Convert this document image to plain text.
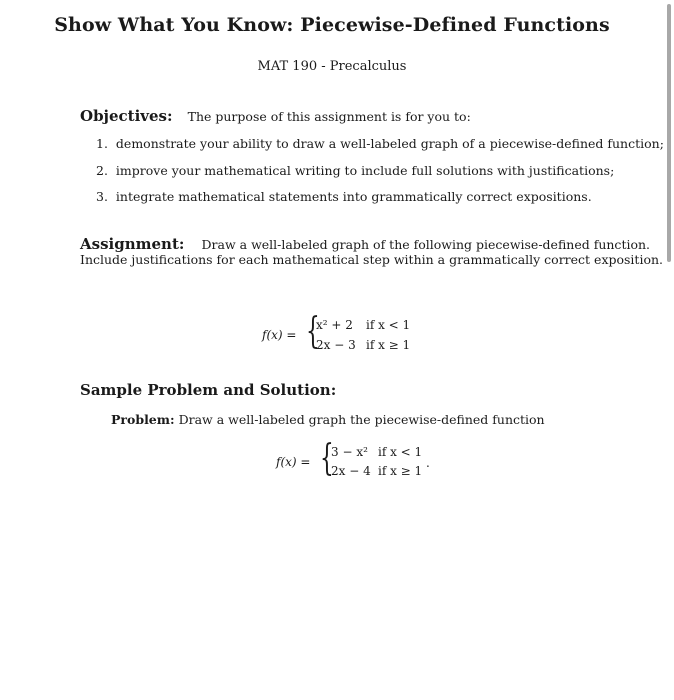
Show What You Know: Piecewise-Defined Functions
MAT 190 - Precalculus
Objectives: The purpose of this assignment is for you to:
1. demonstrate your ability to draw a well-labeled graph of a piecewise-defined function;
2. improve your mathematical writing to include full solutions with justifications;
3. integrate mathematical statements into grammatically correct expositions.
Assignment: Draw a well-labeled graph of the following piecewise-defined function.
Include justifications for each mathematical step within a grammatically correct exposition.
f(x) = {
x² + 2 if x < 1
2x − 3 if x ≥ 1
Sample Problem and Solution:
Problem: Draw a well-labeled graph the piecewise-defined function
f(x) = {
3 − x² if x < 1
2x − 4 if x ≥ 1
.
